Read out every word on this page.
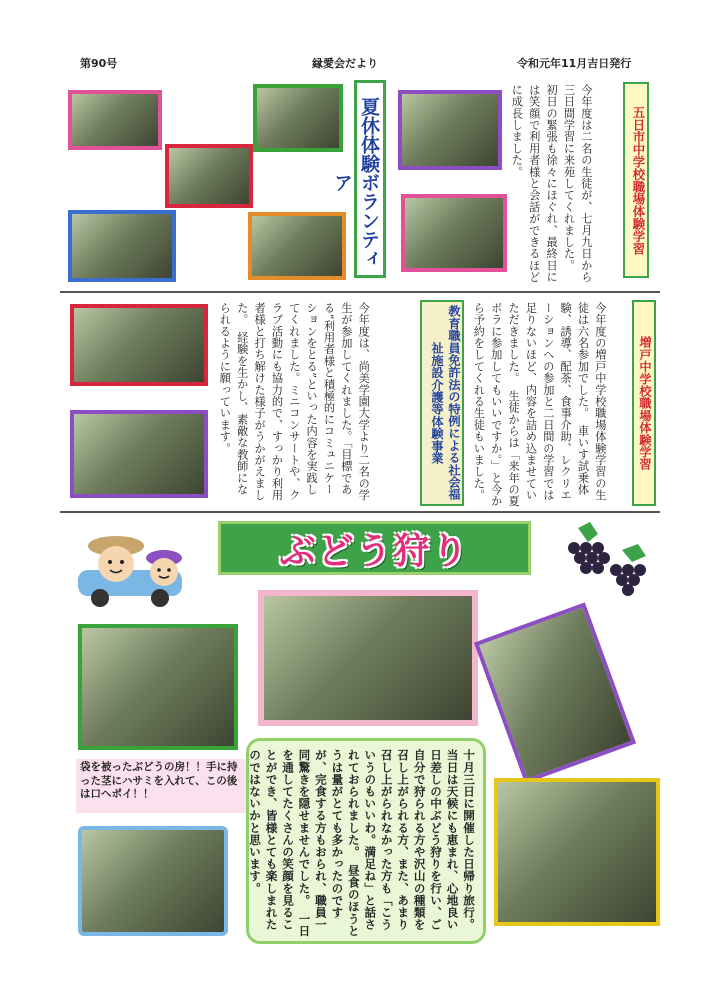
第90号	縁愛会だより	令和元年11月吉日発行
夏休体験ボランティア	今年度は二名の生徒が、七月九日から三日間学習に来苑してくれました。　初日の緊張も徐々にほぐれ、最終日には笑顔で利用者様と会話ができるほどに成長しました。	五日市中学校職場体験学習
今年度は、尚美学園大学より二名の学生が参加してくれました。「目標である”利用者様と積極的にコミュニケーションをとる”といった内容を実践してくれました。ミニコンサートや、クラブ活動にも協力的で、すっかり利用者様と打ち解けた様子がうかがえました。　経験を生かし、素敵な教師になられるように願っています。	教育職員免許法の特例による社会福祉施設介護等体験事業	今年度の増戸中学校職場体験学習の生徒は六名参加でした。　車いす試乗体験、誘導、配茶、食事介助、レクリエーションへの参加と二日間の学習では足りないほど、内容を詰め込ませていただきました。　生徒からは「来年の夏ボラに参加してもいいですか。」と今から予約をしてくれる生徒もいました。	増戸中学校職場体験学習
ぶどう狩り
袋を被ったぶどうの房！！手に持った茎にハサミを入れて、この後は口へポイ！！	十月三日に開催した日帰り旅行。当日は天候にも恵まれ、心地良い日差しの中ぶどう狩りを行い、ご自分で狩られる方や沢山の種類を召し上がられる方、また、あまり召し上がられなかった方も「こういうのもいいわ。満足ね」と話されておられました。　昼食のほうとうは量がとても多かったのですが、完食する方もおられ、職員一同驚きを隠せませんでした。　一日を通してたくさんの笑顔を見ることができ、皆様とても楽しまれたのではないかと思います。
